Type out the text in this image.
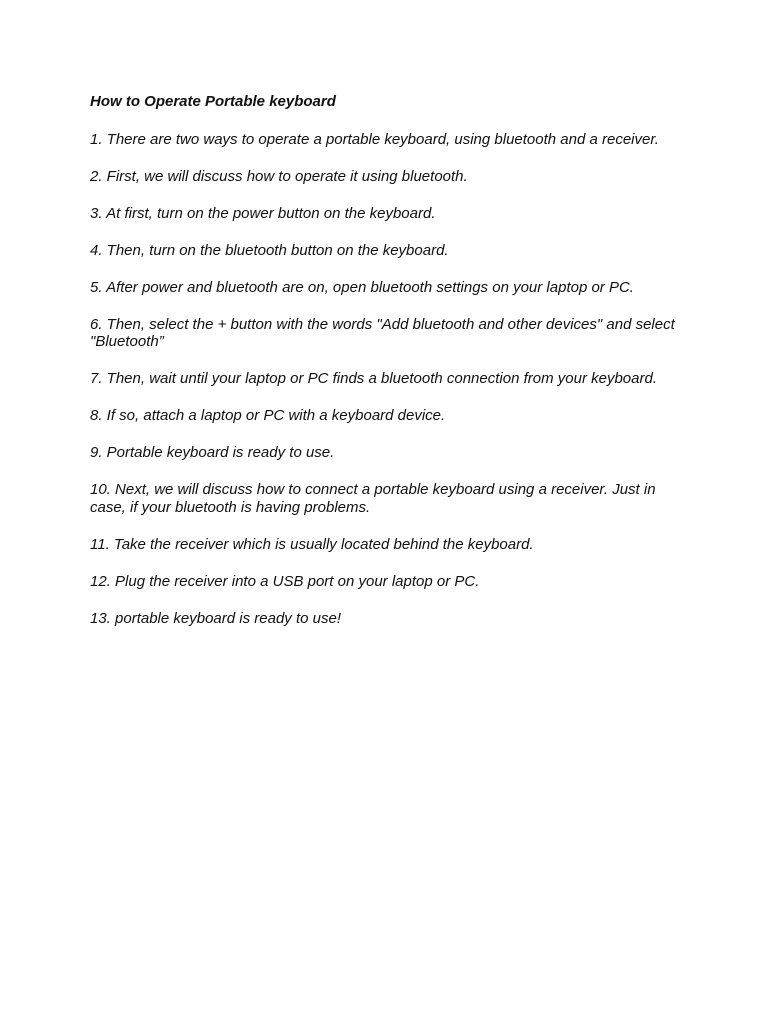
How to Operate Portable keyboard
1. There are two ways to operate a portable keyboard, using bluetooth and a receiver.
2. First, we will discuss how to operate it using bluetooth.
3. At first, turn on the power button on the keyboard.
4. Then, turn on the bluetooth button on the keyboard.
5. After power and bluetooth are on, open bluetooth settings on your laptop or PC.
6. Then, select the + button with the words "Add bluetooth and other devices" and select "Bluetooth”
7. Then, wait until your laptop or PC finds a bluetooth connection from your keyboard.
8. If so, attach a laptop or PC with a keyboard device.
9. Portable keyboard is ready to use.
10. Next, we will discuss how to connect a portable keyboard using a receiver. Just in case, if your bluetooth is having problems.
11. Take the receiver which is usually located behind the keyboard.
12. Plug the receiver into a USB port on your laptop or PC.
13. portable keyboard is ready to use!
